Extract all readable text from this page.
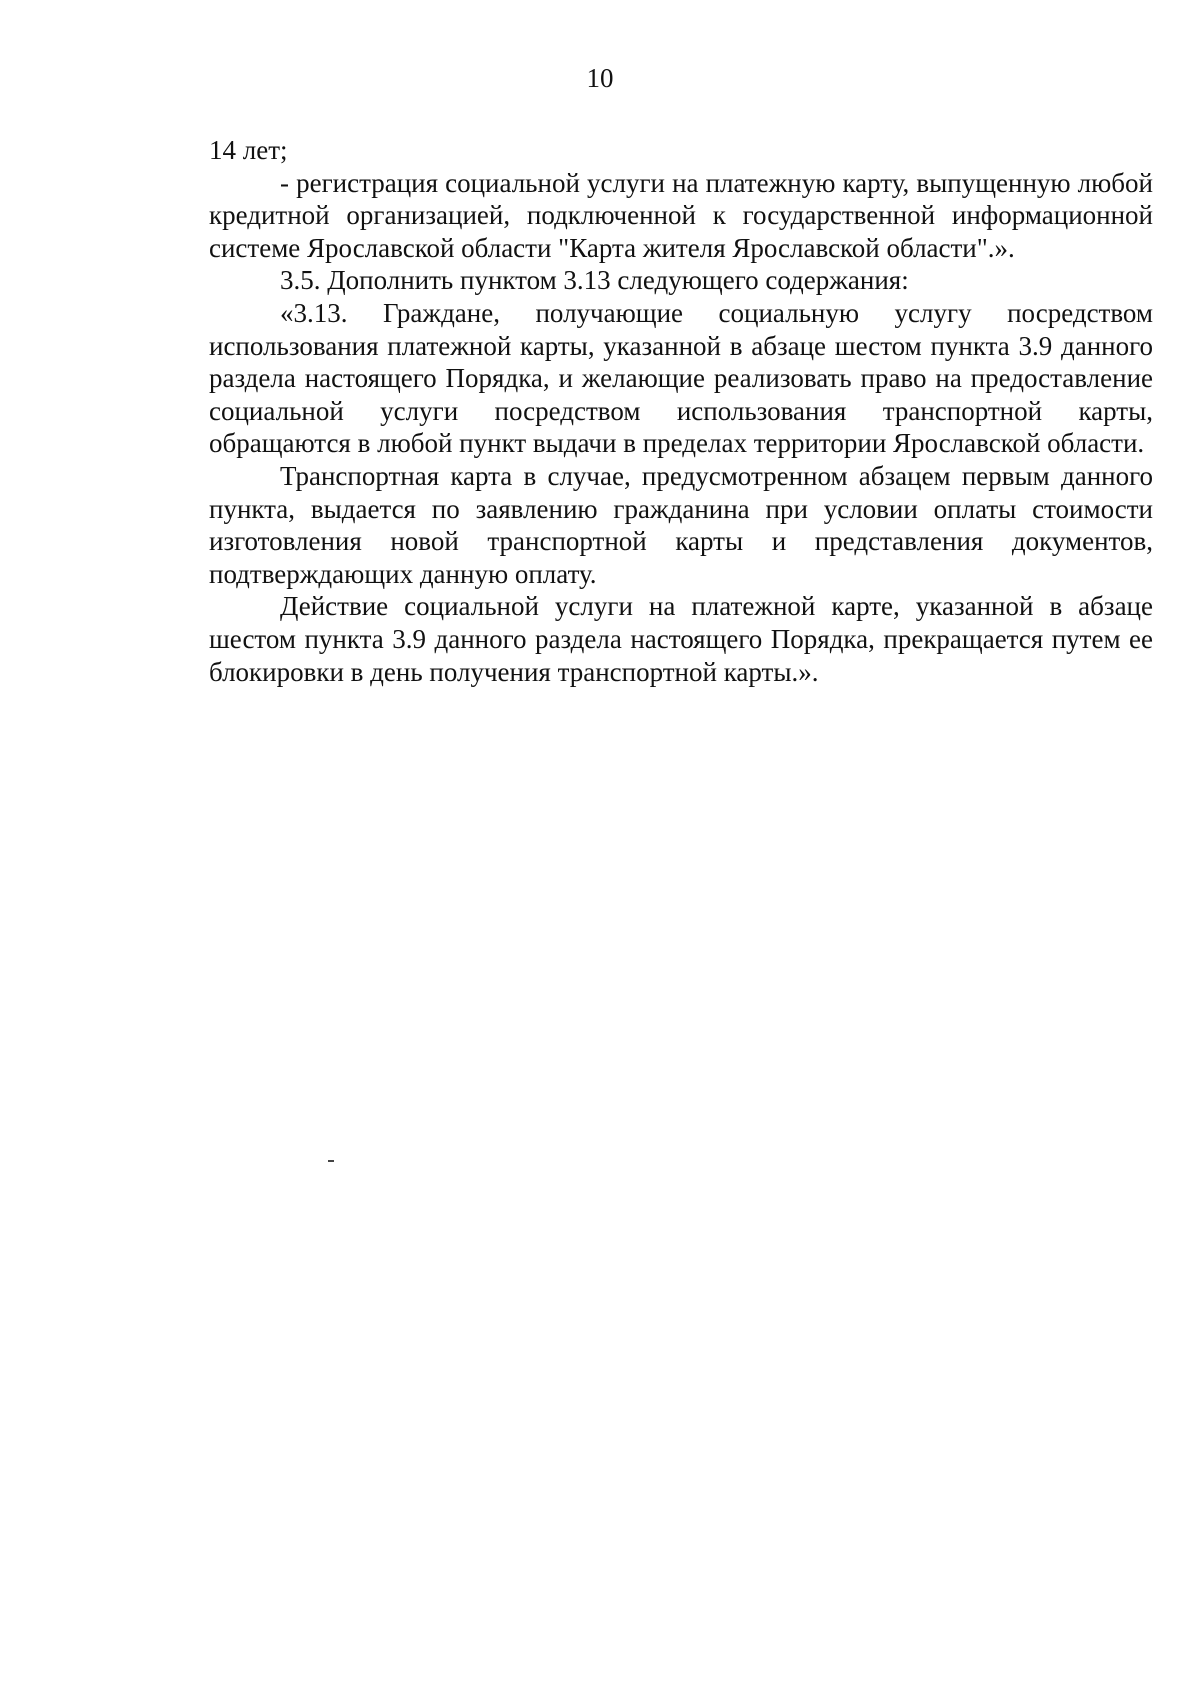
10

14 лет;

- регистрация социальной услуги на платежную карту, выпущенную любой кредитной организацией, подключенной к государственной информационной системе Ярославской области "Карта жителя Ярославской области".».

3.5. Дополнить пунктом 3.13 следующего содержания:

«3.13. Граждане, получающие социальную услугу посредством использования платежной карты, указанной в абзаце шестом пункта 3.9 данного раздела настоящего Порядка, и желающие реализовать право на предоставление социальной услуги посредством использования транспортной карты, обращаются в любой пункт выдачи в пределах территории Ярославской области.

Транспортная карта в случае, предусмотренном абзацем первым данного пункта, выдается по заявлению гражданина при условии оплаты стоимости изготовления новой транспортной карты и представления документов, подтверждающих данную оплату.

Действие социальной услуги на платежной карте, указанной в абзаце шестом пункта 3.9 данного раздела настоящего Порядка, прекращается путем ее блокировки в день получения транспортной карты.».
